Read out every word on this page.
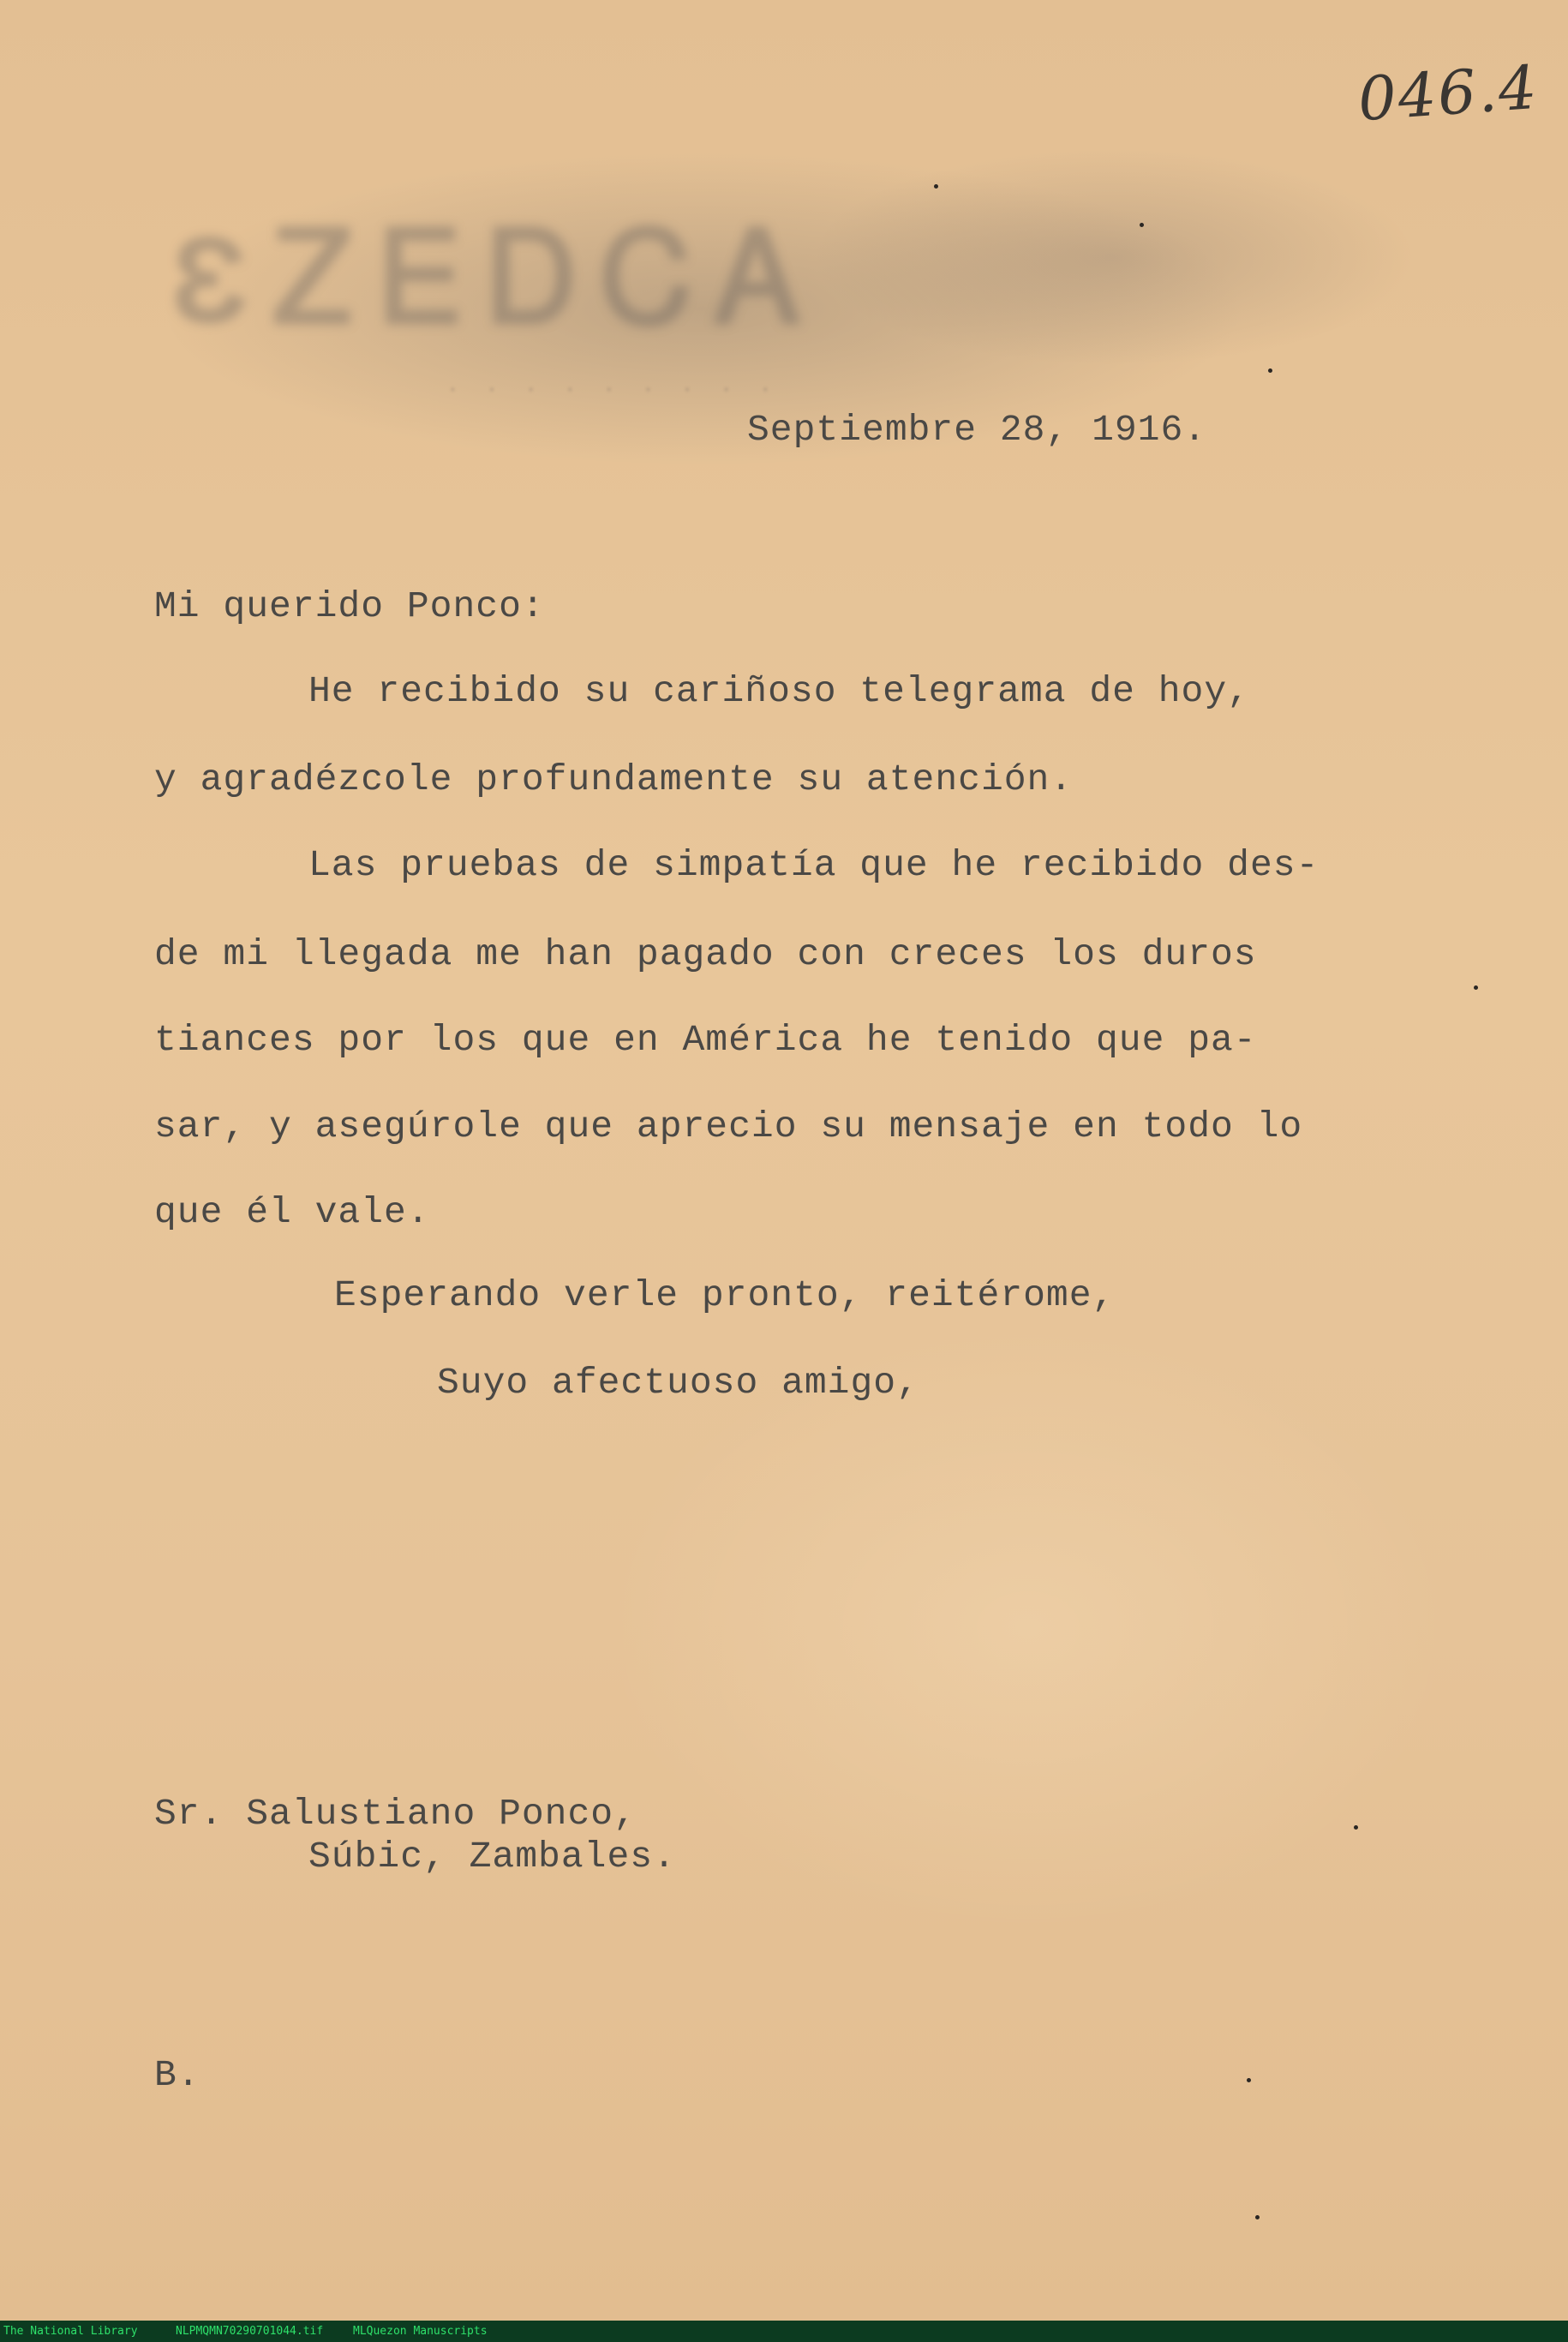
ԐᏃᎬᎠᏟᎪ
· · · · · · · · ·
046.4
Septiembre 28, 1916.
Mi querido Ponco:
He recibido su cariñoso telegrama de hoy,
y agradézcole profundamente su atención.
Las pruebas de simpatía que he recibido des-
de mi llegada me han pagado con creces los duros
tiances por los que en América he tenido que pa-
sar, y asegúrole que aprecio su mensaje en todo lo
que él vale.
Esperando verle pronto, reitérome,
Suyo afectuoso amigo,
Sr. Salustiano Ponco,
Súbic, Zambales.
B.
The National Library	NLPMQMN70290701044.tif	MLQuezon Manuscripts
